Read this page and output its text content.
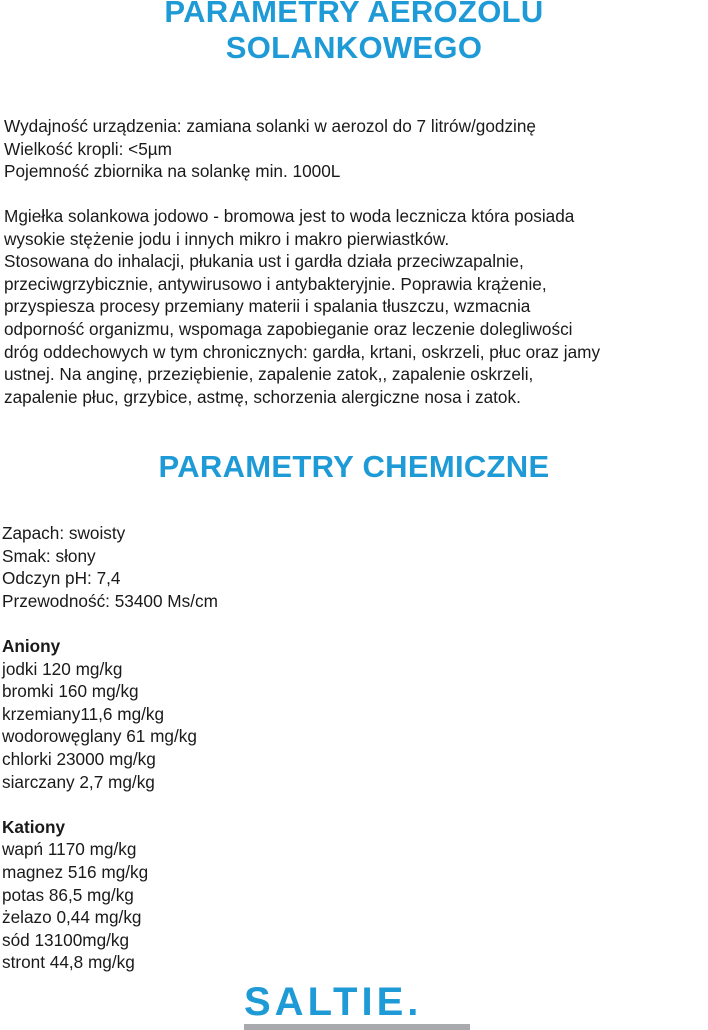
PARAMETRY AEROZOLU
SOLANKOWEGO
Wydajność urządzenia: zamiana solanki w aerozol do 7 litrów/godzinę
Wielkość kropli: <5µm
Pojemność zbiornika na solankę min. 1000L
Mgiełka solankowa jodowo - bromowa jest to woda lecznicza która posiada
wysokie stężenie jodu i innych mikro i makro pierwiastków.
Stosowana do inhalacji, płukania ust i gardła działa przeciwzapalnie,
przeciwgrzybicznie, antywirusowo i antybakteryjnie. Poprawia krążenie,
przyspiesza procesy przemiany materii i spalania tłuszczu, wzmacnia
odporność organizmu, wspomaga zapobieganie oraz leczenie dolegliwości
dróg oddechowych w tym chronicznych: gardła, krtani, oskrzeli, płuc oraz jamy
ustnej. Na anginę, przeziębienie, zapalenie zatok,, zapalenie oskrzeli,
zapalenie płuc, grzybice, astmę, schorzenia alergiczne nosa i zatok.
PARAMETRY CHEMICZNE
Zapach: swoisty
Smak: słony
Odczyn pH: 7,4
Przewodność: 53400 Ms/cm
Aniony
jodki 120 mg/kg
bromki 160 mg/kg
krzemiany11,6 mg/kg
wodorowęglany 61 mg/kg
chlorki 23000 mg/kg
siarczany 2,7 mg/kg
Kationy
wapń 1170 mg/kg
magnez 516 mg/kg
potas 86,5 mg/kg
żelazo 0,44 mg/kg
sód 13100mg/kg
stront 44,8 mg/kg
SALTIE.
